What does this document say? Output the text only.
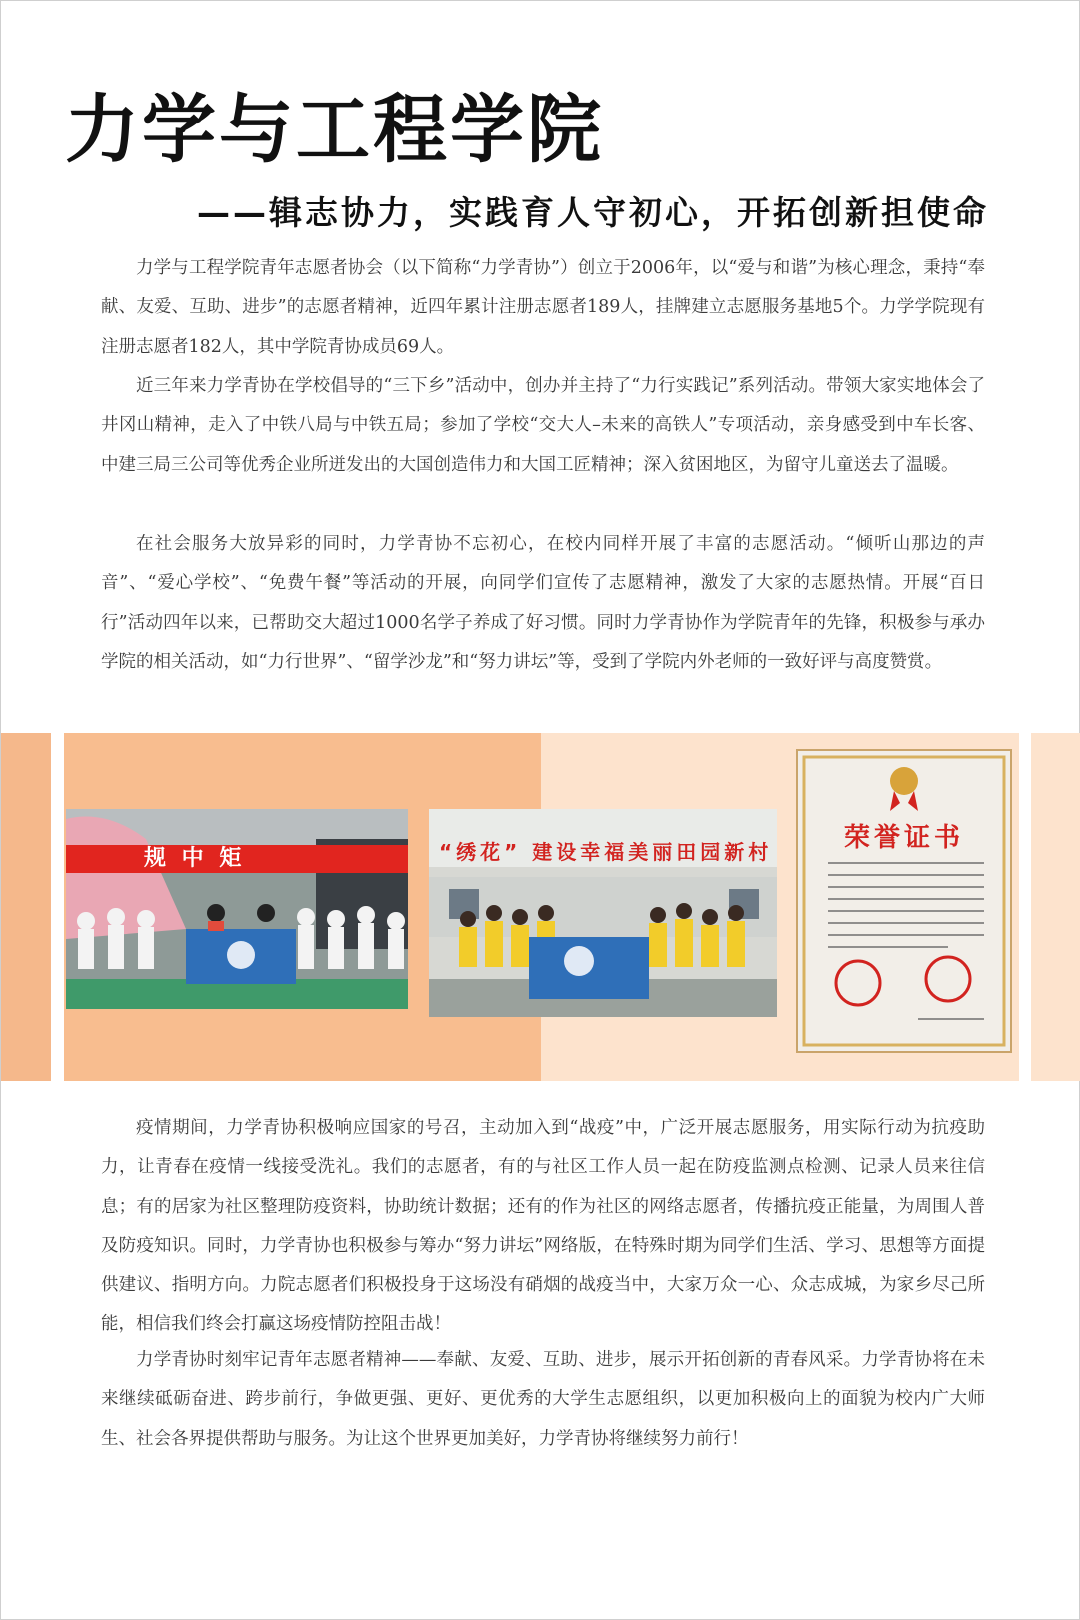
力学与工程学院
——辑志协力，实践育人守初心，开拓创新担使命

力学与工程学院青年志愿者协会（以下简称“力学青协”）创立于2006年，以“爱与和谐”为核心理念，秉持“奉献、友爱、互助、进步”的志愿者精神，近四年累计注册志愿者189人，挂牌建立志愿服务基地5个。力学学院现有注册志愿者182人，其中学院青协成员69人。

近三年来力学青协在学校倡导的“三下乡”活动中，创办并主持了“力行实践记”系列活动。带领大家实地体会了井冈山精神，走入了中铁八局与中铁五局；参加了学校“交大人–未来的高铁人”专项活动，亲身感受到中车长客、中建三局三公司等优秀企业所迸发出的大国创造伟力和大国工匠精神；深入贫困地区，为留守儿童送去了温暖。

在社会服务大放异彩的同时，力学青协不忘初心，在校内同样开展了丰富的志愿活动。“倾听山那边的声音”、“爱心学校”、“免费午餐”等活动的开展，向同学们宣传了志愿精神，激发了大家的志愿热情。开展“百日行”活动四年以来，已帮助交大超过1000名学子养成了好习惯。同时力学青协作为学院青年的先锋，积极参与承办学院的相关活动，如“力行世界”、“留学沙龙”和“努力讲坛”等，受到了学院内外老师的一致好评与高度赞赏。

规 中 矩	“绣花” 建设幸福美丽田园新村	荣誉证书

疫情期间，力学青协积极响应国家的号召，主动加入到“战疫”中，广泛开展志愿服务，用实际行动为抗疫助力，让青春在疫情一线接受洗礼。我们的志愿者，有的与社区工作人员一起在防疫监测点检测、记录人员来往信息；有的居家为社区整理防疫资料，协助统计数据；还有的作为社区的网络志愿者，传播抗疫正能量，为周围人普及防疫知识。同时，力学青协也积极参与筹办“努力讲坛”网络版，在特殊时期为同学们生活、学习、思想等方面提供建议、指明方向。力院志愿者们积极投身于这场没有硝烟的战疫当中，大家万众一心、众志成城，为家乡尽己所能，相信我们终会打赢这场疫情防控阻击战！

力学青协时刻牢记青年志愿者精神——奉献、友爱、互助、进步，展示开拓创新的青春风采。力学青协将在未来继续砥砺奋进、跨步前行，争做更强、更好、更优秀的大学生志愿组织，以更加积极向上的面貌为校内广大师生、社会各界提供帮助与服务。为让这个世界更加美好，力学青协将继续努力前行！
